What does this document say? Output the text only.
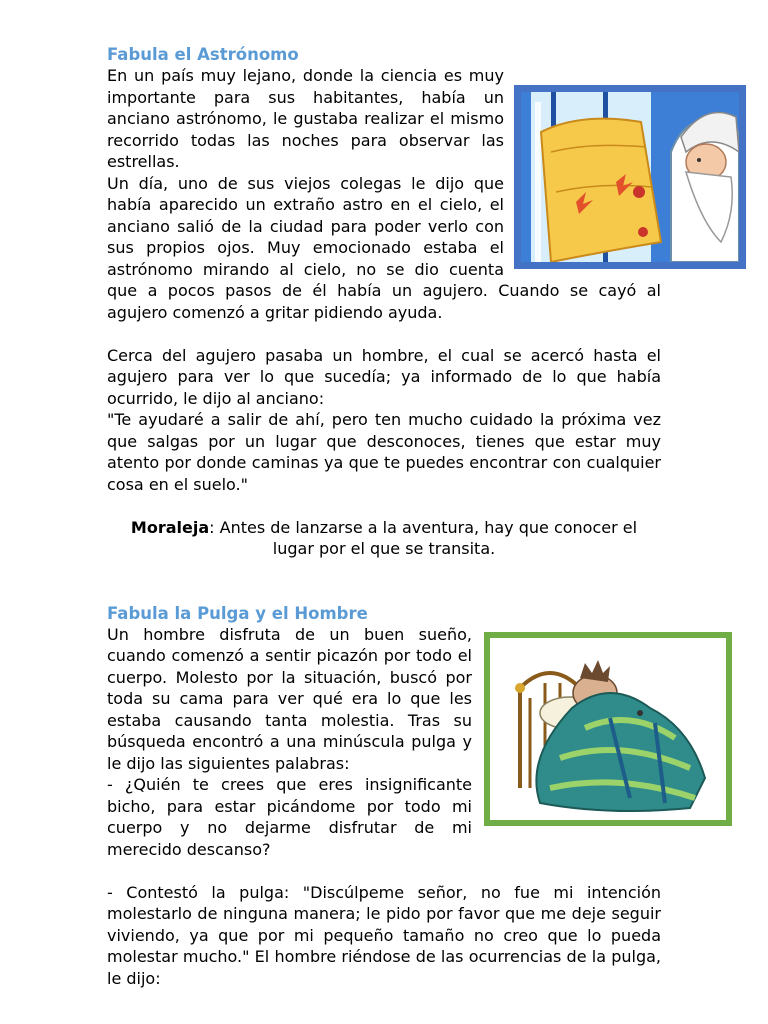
Fabula el Astrónomo

En un país muy lejano, donde la ciencia es muy importante para sus habitantes, había un anciano astrónomo, le gustaba realizar el mismo recorrido todas las noches para observar las estrellas.

Un día, uno de sus viejos colegas le dijo que había aparecido un extraño astro en el cielo, el anciano salió de la ciudad para poder verlo con sus propios ojos. Muy emocionado estaba el astrónomo mirando al cielo, no se dio cuenta que a pocos pasos de él había un agujero. Cuando se cayó al agujero comenzó a gritar pidiendo ayuda.

Cerca del agujero pasaba un hombre, el cual se acercó hasta el agujero para ver lo que sucedía; ya informado de lo que había ocurrido, le dijo al anciano:

"Te ayudaré a salir de ahí, pero ten mucho cuidado la próxima vez que salgas por un lugar que desconoces, tienes que estar muy atento por donde caminas ya que te puedes encontrar con cualquier cosa en el suelo."

Moraleja: Antes de lanzarse a la aventura, hay que conocer el lugar por el que se transita.

Fabula la Pulga y el Hombre

Un hombre disfruta de un buen sueño, cuando comenzó a sentir picazón por todo el cuerpo. Molesto por la situación, buscó por toda su cama para ver qué era lo que les estaba causando tanta molestia. Tras su búsqueda encontró a una minúscula pulga y le dijo las siguientes palabras:

- ¿Quién te crees que eres insignificante bicho, para estar picándome por todo mi cuerpo y no dejarme disfrutar de mi merecido descanso?

- Contestó la pulga: "Discúlpeme señor, no fue mi intención molestarlo de ninguna manera; le pido por favor que me deje seguir viviendo, ya que por mi pequeño tamaño no creo que lo pueda molestar mucho." El hombre riéndose de las ocurrencias de la pulga, le dijo:
